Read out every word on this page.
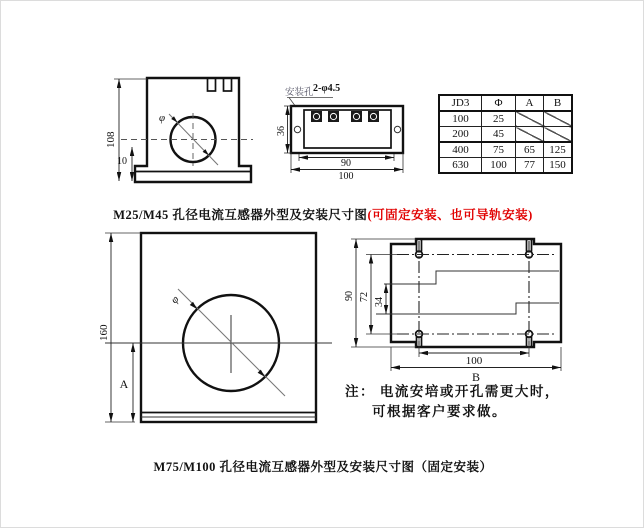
φ
108
10
36
90
100
φ
160
A
90 72 34
100
B
安装孔 2-φ4.5
JD3	Φ	A	B
100	25		
200	45		
400	75	65	125
630	100	77	150
M25/M45 孔径电流互感器外型及安装尺寸图(可固定安装、也可导轨安装)
注： 电流安培或开孔需更大时，
可根据客户要求做。
M75/M100 孔径电流互感器外型及安装尺寸图（固定安装）
